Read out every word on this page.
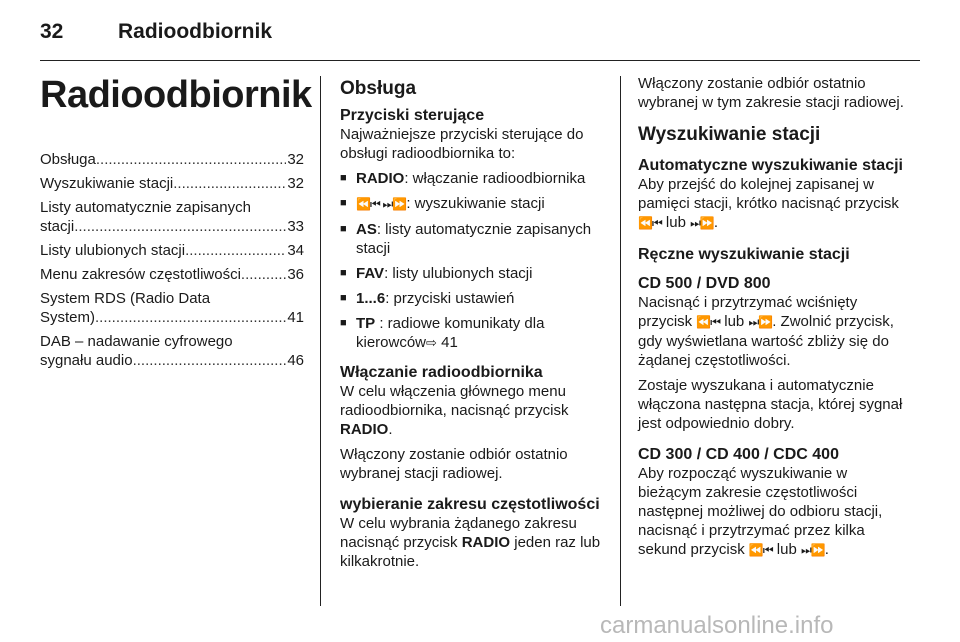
32	Radioodbiornik
Radioodbiornik
Obsługa .....	32
Wyszukiwanie stacji .....	32
Listy automatycznie zapisanych
stacji .....	33
Listy ulubionych stacji .....	34
Menu zakresów częstotliwości .....	36
System RDS (Radio Data
System) .....	41
DAB – nadawanie cyfrowego
sygnału audio .....	46
Obsługa
Przyciski sterujące

Najważniejsze przyciski sterujące do obsługi radioodbiornika to:

■ RADIO: włączanie radioodbiornika
■ ⏪⏮ ⏭⏩: wyszukiwanie stacji
■ AS: listy automatycznie zapisanych stacji
■ FAV: listy ulubionych stacji
■ 1...6: przyciski ustawień
■ TP : radiowe komunikaty dla kierowców⇨ 41
Włączanie radioodbiornika

W celu włączenia głównego menu radioodbiornika, nacisnąć przycisk RADIO.

Włączony zostanie odbiór ostatnio wybranej stacji radiowej.

wybieranie zakresu częstotliwości

W celu wybrania żądanego zakresu nacisnąć przycisk RADIO jeden raz lub kilkakrotnie.

Włączony zostanie odbiór ostatnio wybranej w tym zakresie stacji radiowej.

Wyszukiwanie stacji
Automatyczne wyszukiwanie stacji

Aby przejść do kolejnej zapisanej w pamięci stacji, krótko nacisnąć przycisk ⏪⏮ lub ⏭⏩.

Ręczne wyszukiwanie stacji
CD 500 / DVD 800

Nacisnąć i przytrzymać wciśnięty przycisk ⏪⏮ lub ⏭⏩. Zwolnić przycisk, gdy wyświetlana wartość zbliży się do żądanej częstotliwości.

Zostaje wyszukana i automatycznie włączona następna stacja, której sygnał jest odpowiednio dobry.

CD 300 / CD 400 / CDC 400

Aby rozpocząć wyszukiwanie w bieżącym zakresie częstotliwości następnej możliwej do odbioru stacji, nacisnąć i przytrzymać przez kilka sekund przycisk ⏪⏮ lub ⏭⏩.

carmanualsonline.info
